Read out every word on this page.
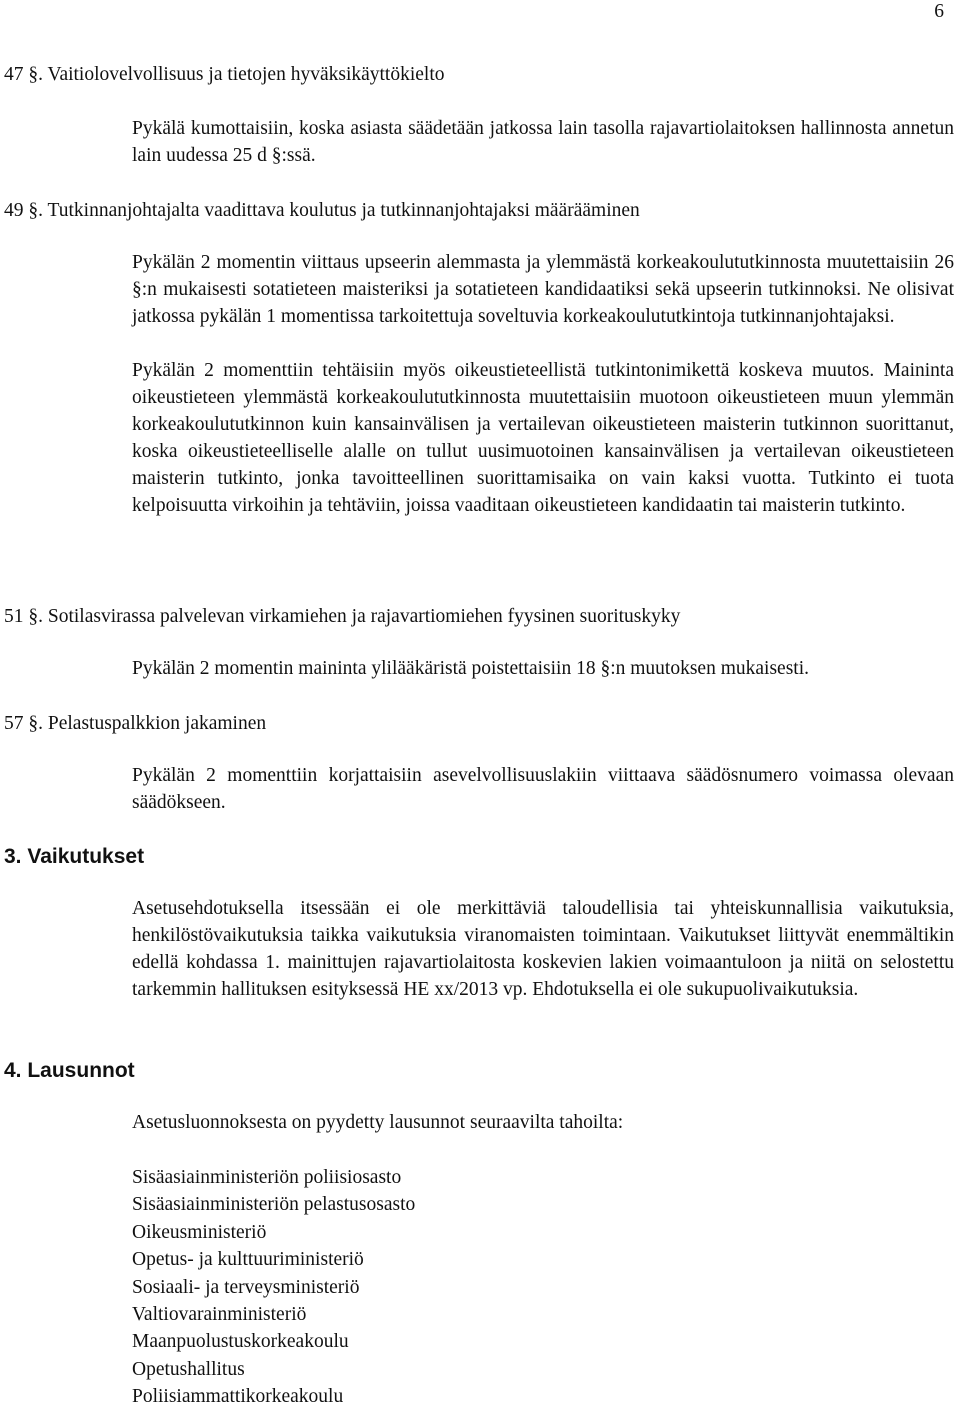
6
47 §. Vaitiolovelvollisuus ja tietojen hyväksikäyttökielto
Pykälä kumottaisiin, koska asiasta säädetään jatkossa lain tasolla rajavartiolaitoksen hallinnosta annetun lain uudessa 25 d §:ssä.
49 §. Tutkinnanjohtajalta vaadittava koulutus ja tutkinnanjohtajaksi määrääminen
Pykälän 2 momentin viittaus upseerin alemmasta ja ylemmästä korkeakoulututkinnosta muutettaisiin 26 §:n mukaisesti sotatieteen maisteriksi ja sotatieteen kandidaatiksi sekä upseerin tutkinnoksi. Ne olisivat jatkossa pykälän 1 momentissa tarkoitettuja soveltuvia korkeakoulututkintoja tutkinnanjohtajaksi.
Pykälän 2 momenttiin tehtäisiin myös oikeustieteellistä tutkintonimikettä koskeva muutos. Maininta oikeustieteen ylemmästä korkeakoulututkinnosta muutettaisiin muotoon oikeustieteen muun ylemmän korkeakoulututkinnon kuin kansainvälisen ja vertailevan oikeustieteen maisterin tutkinnon suorittanut, koska oikeustieteelliselle alalle on tullut uusimuotoinen kansainvälisen ja vertailevan oikeustieteen maisterin tutkinto, jonka tavoitteellinen suorittamisaika on vain kaksi vuotta. Tutkinto ei tuota kelpoisuutta virkoihin ja tehtäviin, joissa vaaditaan oikeustieteen kandidaatin tai maisterin tutkinto.
51 §. Sotilasvirassa palvelevan virkamiehen ja rajavartiomiehen fyysinen suorituskyky
Pykälän 2 momentin maininta ylilääkäristä poistettaisiin 18 §:n muutoksen mukaisesti.
57 §. Pelastuspalkkion jakaminen
Pykälän 2 momenttiin korjattaisiin asevelvollisuuslakiin viittaava säädösnumero voimassa olevaan säädökseen.
3. Vaikutukset
Asetusehdotuksella itsessään ei ole merkittäviä taloudellisia tai yhteiskunnallisia vaikutuksia, henkilöstövaikutuksia taikka vaikutuksia viranomaisten toimintaan. Vaikutukset liittyvät enemmältikin edellä kohdassa 1. mainittujen rajavartiolaitosta koskevien lakien voimaantuloon ja niitä on selostettu tarkemmin hallituksen esityksessä HE xx/2013 vp. Ehdotuksella ei ole sukupuolivaikutuksia.
4. Lausunnot
Asetusluonnoksesta on pyydetty lausunnot seuraavilta tahoilta:
Sisäasiainministeriön poliisiosasto
Sisäasiainministeriön pelastusosasto
Oikeusministeriö
Opetus- ja kulttuuriministeriö
Sosiaali- ja terveysministeriö
Valtiovarainministeriö
Maanpuolustuskorkeakoulu
Opetushallitus
Poliisiammattikorkeakoulu
